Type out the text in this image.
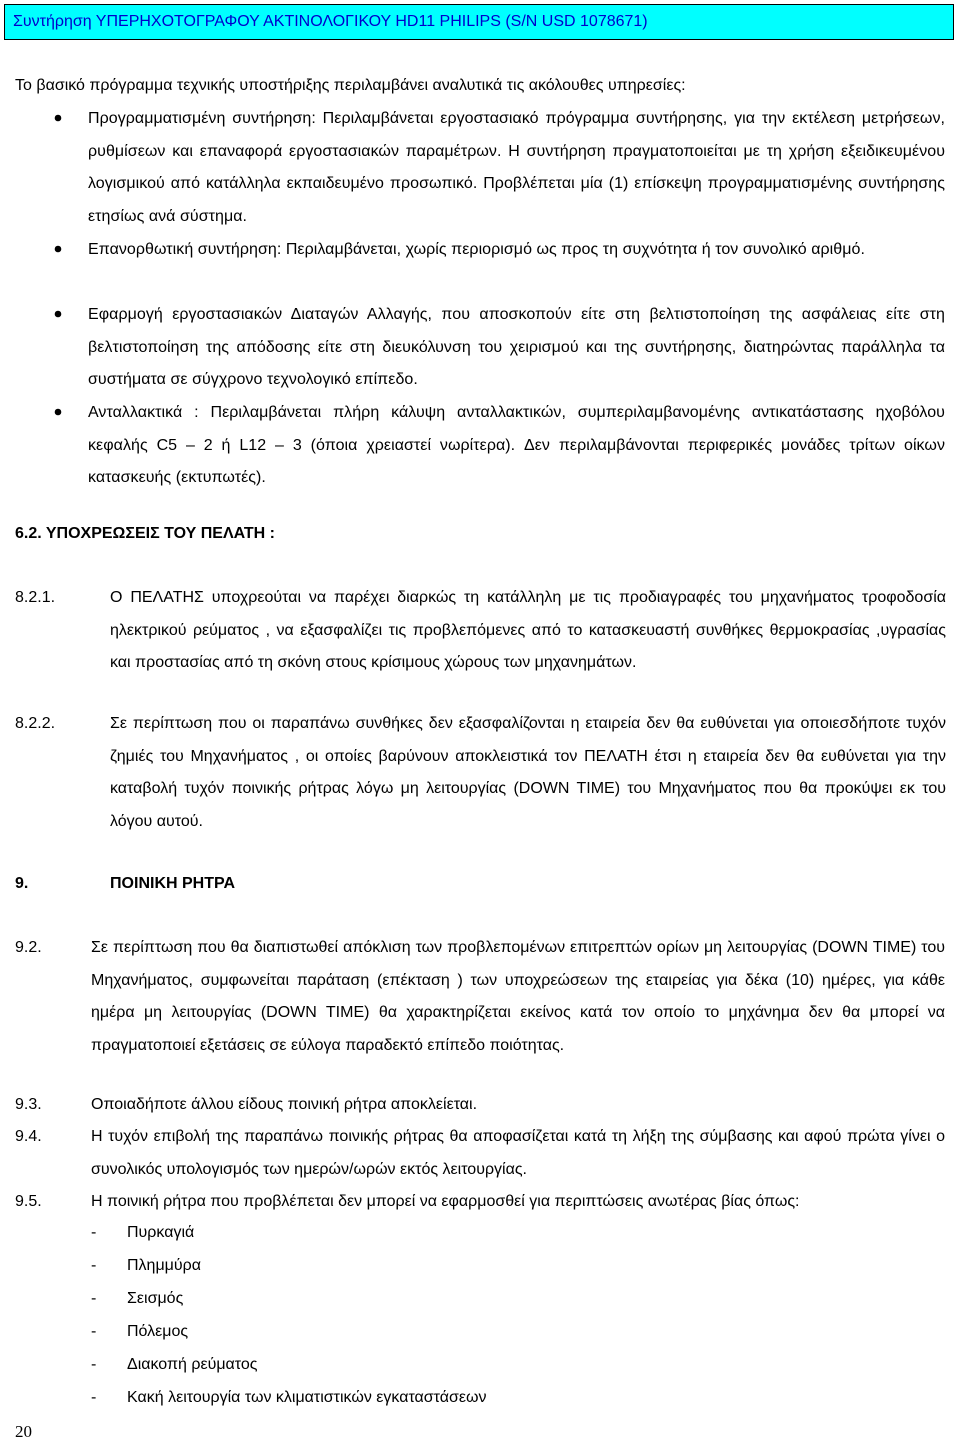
Συντήρηση ΥΠΕΡΗΧΟΤΟΓΡΑΦΟΥ ΑΚΤΙΝΟΛΟΓΙΚΟΥ HD11 PHILIPS (S/N USD 1078671)
Το βασικό πρόγραμμα τεχνικής υποστήριξης περιλαμβάνει αναλυτικά τις ακόλουθες υπηρεσίες:
Προγραμματισμένη συντήρηση: Περιλαμβάνεται εργοστασιακό πρόγραμμα συντήρησης, για την εκτέλεση μετρήσεων, ρυθμίσεων και επαναφορά εργοστασιακών παραμέτρων. Η συντήρηση πραγματοποιείται με τη χρήση εξειδικευμένου λογισμικού από κατάλληλα εκπαιδευμένο προσωπικό. Προβλέπεται μία (1) επίσκεψη προγραμματισμένης συντήρησης ετησίως ανά σύστημα.
Επανορθωτική συντήρηση: Περιλαμβάνεται, χωρίς περιορισμό ως προς τη συχνότητα ή τον συνολικό αριθμό.
Εφαρμογή εργοστασιακών Διαταγών Αλλαγής, που αποσκοπούν είτε στη βελτιστοποίηση της ασφάλειας είτε στη βελτιστοποίηση της απόδοσης είτε στη διευκόλυνση του χειρισμού και της συντήρησης, διατηρώντας παράλληλα τα συστήματα σε σύγχρονο τεχνολογικό επίπεδο.
Ανταλλακτικά : Περιλαμβάνεται πλήρη κάλυψη ανταλλακτικών, συμπεριλαμβανομένης αντικατάστασης ηχοβόλου κεφαλής C5 – 2 ή L12 – 3 (όποια χρειαστεί νωρίτερα). Δεν περιλαμβάνονται περιφερικές μονάδες τρίτων οίκων κατασκευής (εκτυπωτές).
6.2. ΥΠΟΧΡΕΩΣΕΙΣ ΤΟΥ ΠΕΛΑΤΗ :
8.2.1.	Ο ΠΕΛΑΤΗΣ υποχρεούται να παρέχει διαρκώς τη κατάλληλη με τις προδιαγραφές του μηχανήματος τροφοδοσία ηλεκτρικού ρεύματος , να εξασφαλίζει τις προβλεπόμενες από το κατασκευαστή συνθήκες θερμοκρασίας ,υγρασίας και προστασίας από τη σκόνη στους κρίσιμους χώρους των μηχανημάτων.
8.2.2.	Σε περίπτωση που οι παραπάνω συνθήκες δεν εξασφαλίζονται η εταιρεία δεν θα ευθύνεται για οποιεσδήποτε τυχόν ζημιές του Μηχανήματος , οι οποίες βαρύνουν αποκλειστικά τον ΠΕΛΑΤΗ έτσι η εταιρεία δεν θα ευθύνεται για την καταβολή τυχόν ποινικής ρήτρας λόγω μη λειτουργίας (DOWN TIME) του Μηχανήματος που θα προκύψει εκ του λόγου αυτού.
9.	ΠΟΙΝΙΚΗ ΡΗΤΡΑ
9.2.	Σε περίπτωση που θα διαπιστωθεί απόκλιση των προβλεπομένων επιτρεπτών ορίων μη λειτουργίας (DOWN TIME) του Μηχανήματος, συμφωνείται παράταση (επέκταση ) των υποχρεώσεων της εταιρείας για δέκα (10) ημέρες, για κάθε ημέρα μη λειτουργίας (DOWN TIME) θα χαρακτηρίζεται εκείνος κατά τον οποίο το μηχάνημα δεν θα μπορεί να πραγματοποιεί εξετάσεις σε εύλογα παραδεκτό επίπεδο ποιότητας.
9.3.	Οποιαδήποτε άλλου είδους ποινική ρήτρα αποκλείεται.
9.4.	Η τυχόν επιβολή της παραπάνω ποινικής ρήτρας θα αποφασίζεται κατά τη λήξη της σύμβασης και αφού πρώτα γίνει ο συνολικός υπολογισμός των ημερών/ωρών εκτός λειτουργίας.
9.5.	Η ποινική ρήτρα που προβλέπεται δεν μπορεί να εφαρμοσθεί για περιπτώσεις ανωτέρας βίας όπως:
- Πυρκαγιά
- Πλημμύρα
- Σεισμός
- Πόλεμος
- Διακοπή ρεύματος
- Κακή λειτουργία των κλιματιστικών εγκαταστάσεων
20
